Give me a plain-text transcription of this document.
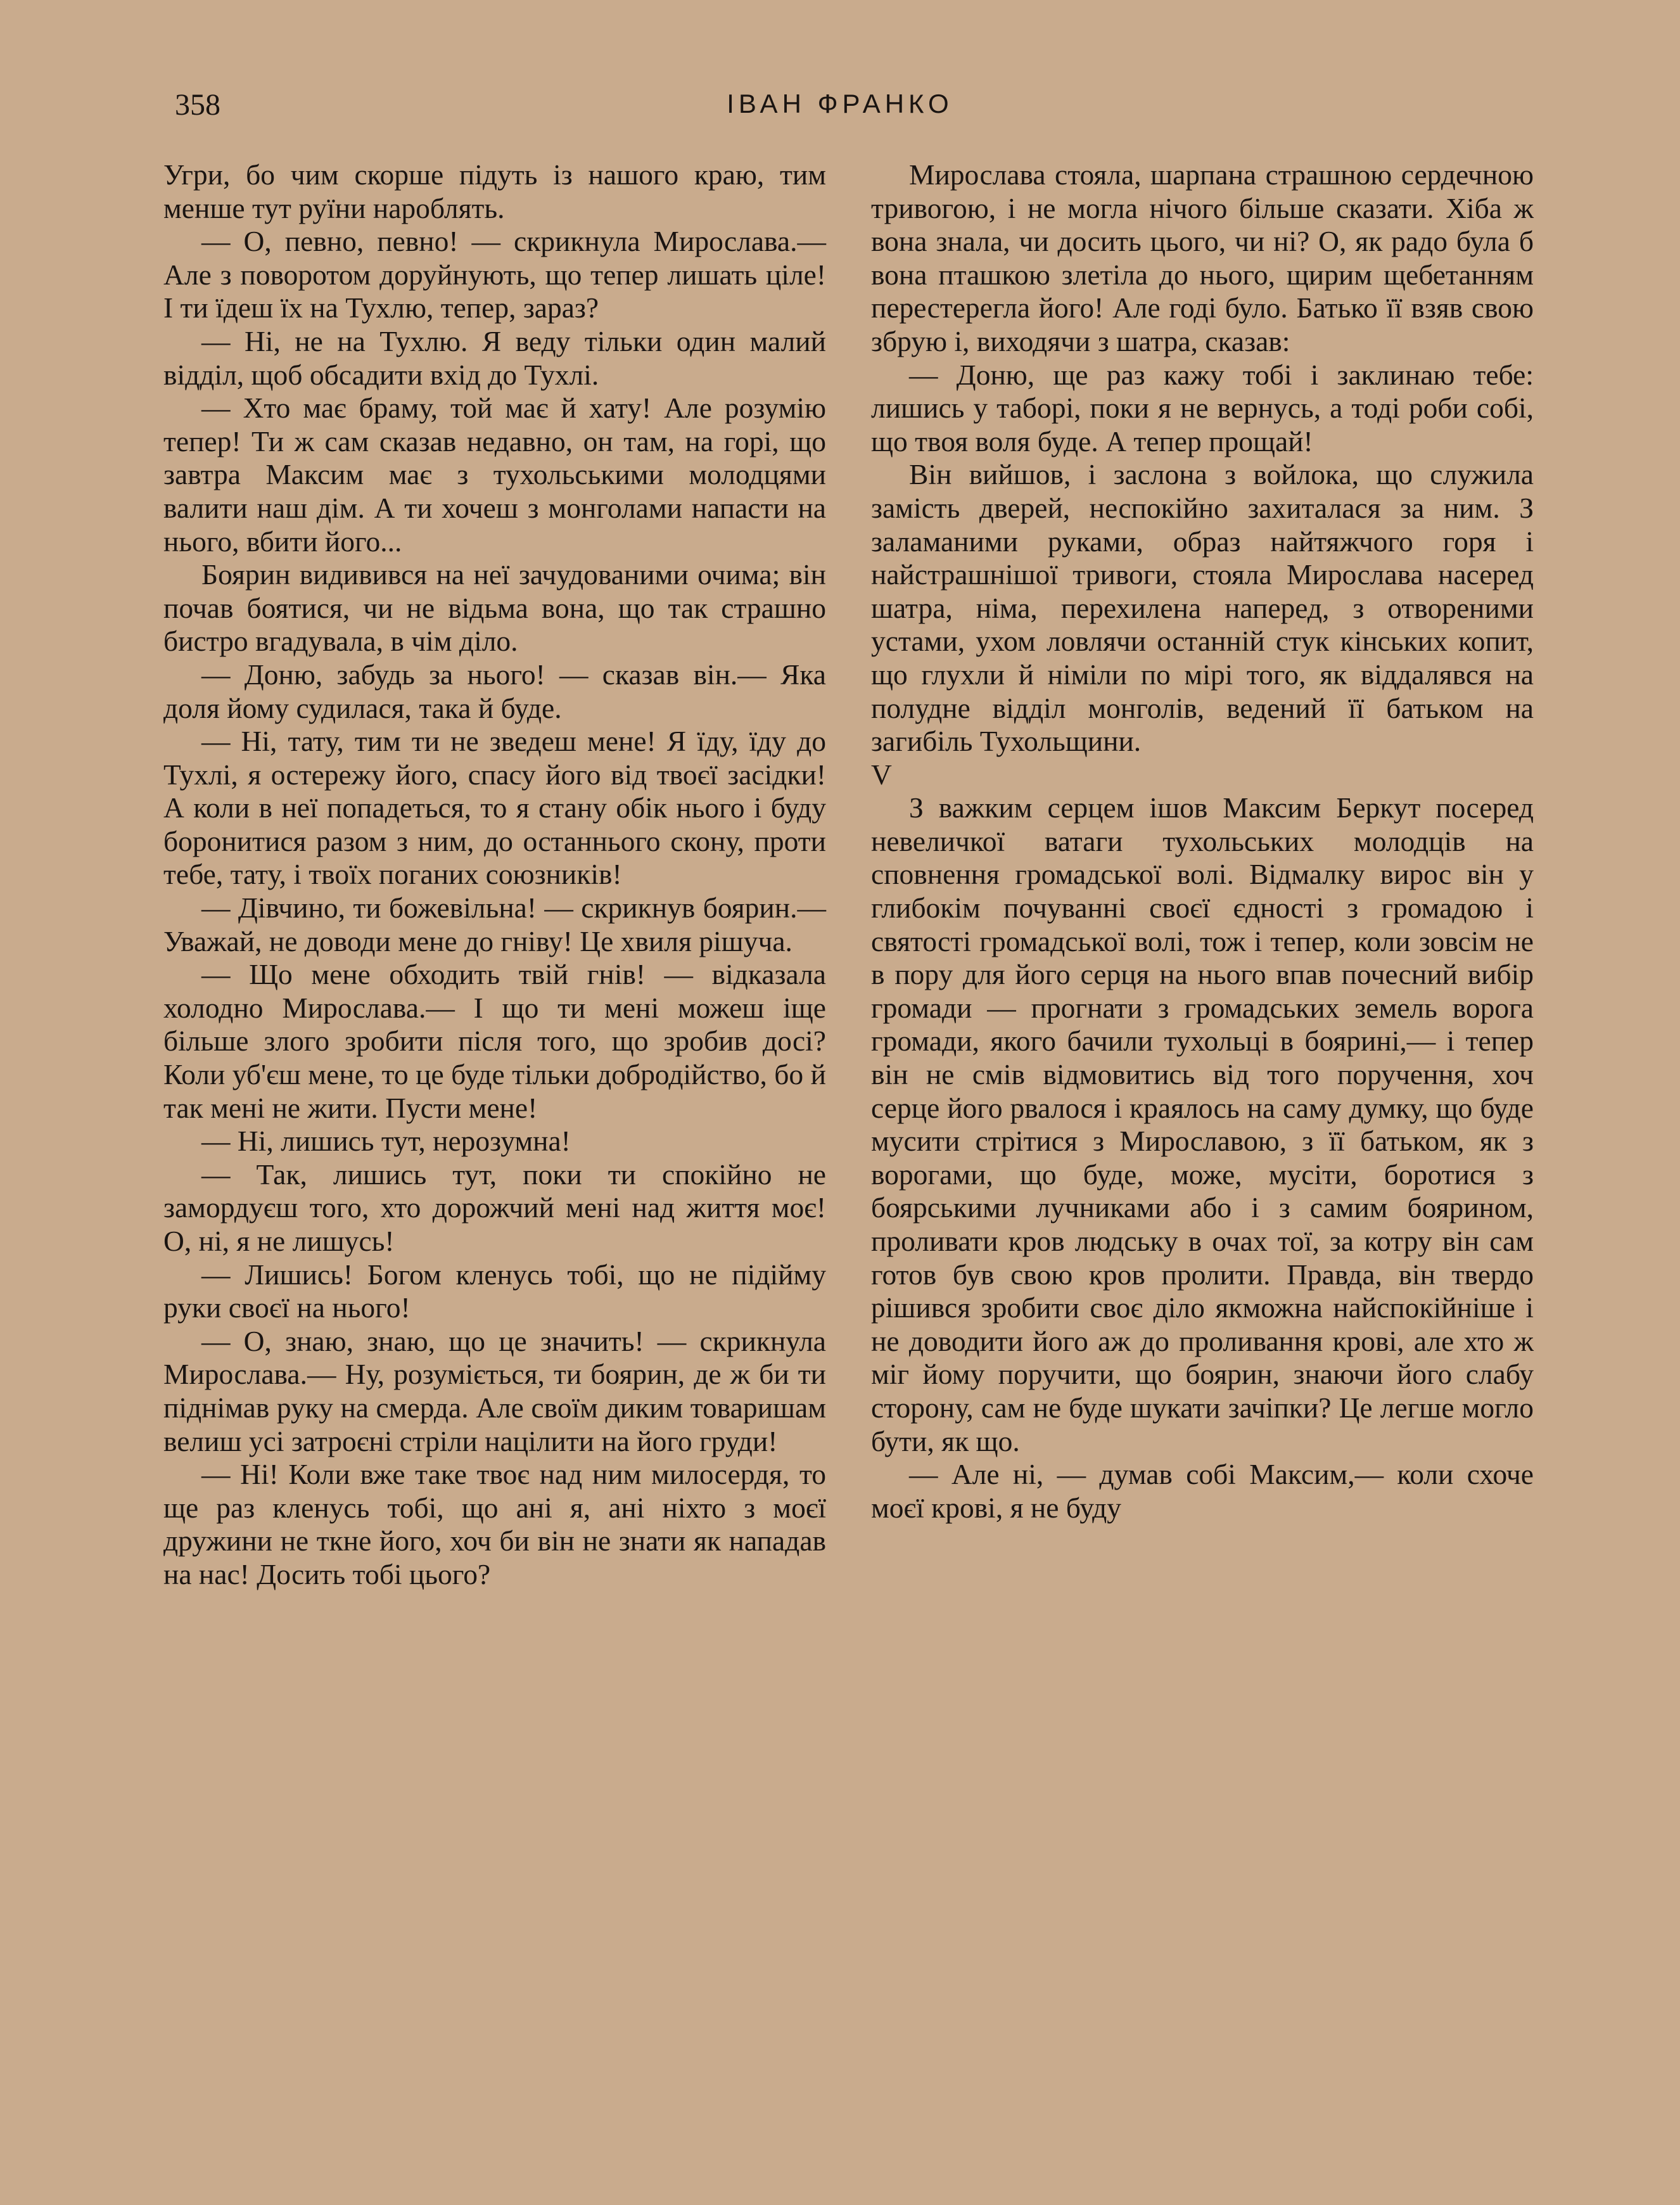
358	ІВАН ФРАНКО

Угри, бо чим скорше підуть із нашого краю, тим менше тут руїни нароблять.

— О, певно, певно! — скрикнула Мирослава.— Але з поворотом доруйнують, що тепер лишать ціле! І ти їдеш їх на Тухлю, тепер, зараз?

— Ні, не на Тухлю. Я веду тільки один малий відділ, щоб обсадити вхід до Тухлі.

— Хто має браму, той має й хату! Але розумію тепер! Ти ж сам сказав недавно, он там, на горі, що завтра Максим має з тухольськими молодцями валити наш дім. А ти хочеш з монголами напасти на нього, вбити його...

Боярин видивився на неї зачудованими очима; він почав боятися, чи не відьма вона, що так страшно бистро вгадувала, в чім діло.

— Доню, забудь за нього! — сказав він.— Яка доля йому судилася, така й буде.

— Ні, тату, тим ти не зведеш мене! Я їду, їду до Тухлі, я остережу його, спасу його від твоєї засідки! А коли в неї попадеться, то я стану обік нього і буду боронитися разом з ним, до останнього скону, проти тебе, тату, і твоїх поганих союзників!

— Дівчино, ти божевільна! — скрикнув боярин.— Уважай, не доводи мене до гніву! Це хвиля рішуча.

— Що мене обходить твій гнів! — відказала холодно Мирослава.— І що ти мені можеш іще більше злого зробити після того, що зробив досі? Коли уб'єш мене, то це буде тільки добродійство, бо й так мені не жити. Пусти мене!

— Ні, лишись тут, нерозумна!

— Так, лишись тут, поки ти спокійно не замордуєш того, хто дорожчий мені над життя моє! О, ні, я не лишусь!

— Лишись! Богом кленусь тобі, що не підійму руки своєї на нього!

— О, знаю, знаю, що це значить! — скрикнула Мирослава.— Ну, розуміється, ти боярин, де ж би ти піднімав руку на смерда. Але своїм диким товаришам велиш усі затроєні стріли націлити на його груди!

— Ні! Коли вже таке твоє над ним милосердя, то ще раз кленусь тобі, що ані я, ані ніхто з моєї дружини не ткне його, хоч би він не знати як нападав на нас! Досить тобі цього?

Мирослава стояла, шарпана страшною сердечною тривогою, і не могла нічого більше сказати. Хіба ж вона знала, чи досить цього, чи ні? О, як радо була б вона пташкою злетіла до нього, щирим щебетанням перестерегла його! Але годі було. Батько її взяв свою збрую і, виходячи з шатра, сказав:

— Доню, ще раз кажу тобі і заклинаю тебе: лишись у таборі, поки я не вернусь, а тоді роби собі, що твоя воля буде. А тепер прощай!

Він вийшов, і заслона з войлока, що служила замість дверей, неспокійно захиталася за ним. З заламаними руками, образ найтяжчого горя і найстрашнішої тривоги, стояла Мирослава насеред шатра, німа, перехилена наперед, з отвореними устами, ухом ловлячи останній стук кінських копит, що глухли й німіли по мірі того, як віддалявся на полудне відділ монголів, ведений її батьком на загибіль Тухольщини.

V

З важким серцем ішов Максим Беркут посеред невеличкої ватаги тухольських молодців на сповнення громадської волі. Відмалку вирос він у глибокім почуванні своєї єдності з громадою і святості громадської волі, тож і тепер, коли зовсім не в пору для його серця на нього впав почесний вибір громади — прогнати з громадських земель ворога громади, якого бачили тухольці в боярині,— і тепер він не смів відмовитись від того поручення, хоч серце його рвалося і краялось на саму думку, що буде мусити стрітися з Мирославою, з її батьком, як з ворогами, що буде, може, мусіти, боротися з боярськими лучниками або і з самим боярином, проливати кров людську в очах тої, за котру він сам готов був свою кров пролити. Правда, він твердо рішився зробити своє діло якможна найспокійніше і не доводити його аж до проливання крові, але хто ж міг йому поручити, що боярин, знаючи його слабу сторону, сам не буде шукати зачіпки? Це легше могло бути, як що.

— Але ні, — думав собі Максим,— коли схоче моєї крові, я не буду
